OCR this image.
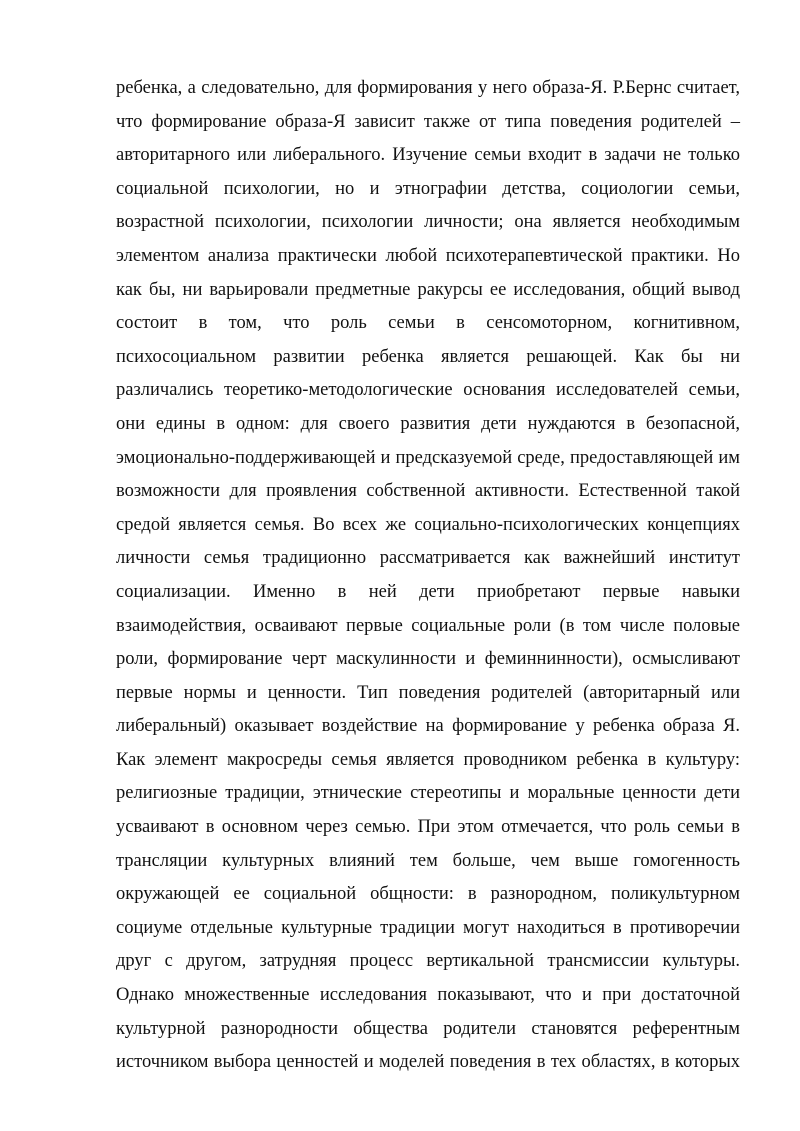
ребенка, а следовательно, для формирования у него образа-Я. Р.Бернс считает,
что формирование образа-Я зависит также от типа поведения родителей –
авторитарного или либерального. Изучение семьи входит в задачи не только
социальной психологии, но и этнографии детства, социологии семьи,
возрастной психологии, психологии личности; она является необходимым
элементом анализа практически любой психотерапевтической практики. Но
как бы, ни варьировали предметные ракурсы ее исследования, общий вывод
состоит в том, что роль семьи в сенсомоторном, когнитивном,
психосоциальном развитии ребенка является решающей. Как бы ни
различались теоретико-методологические основания исследователей семьи,
они едины в одном: для своего развития дети нуждаются в безопасной,
эмоционально-поддерживающей и предсказуемой среде, предоставляющей им
возможности для проявления собственной активности. Естественной такой
средой является семья. Во всех же социально-психологических концепциях
личности семья традиционно рассматривается как важнейший институт
социализации. Именно в ней дети приобретают первые навыки
взаимодействия, осваивают первые социальные роли (в том числе половые
роли, формирование черт маскулинности и феминнинности), осмысливают
первые нормы и ценности. Тип поведения родителей (авторитарный или
либеральный) оказывает воздействие на формирование у ребенка образа Я.
Как элемент макросреды семья является проводником ребенка в культуру:
религиозные традиции, этнические стереотипы и моральные ценности дети
усваивают в основном через семью. При этом отмечается, что роль семьи в
трансляции культурных влияний тем больше, чем выше гомогенность
окружающей ее социальной общности: в разнородном, поликультурном
социуме отдельные культурные традиции могут находиться в противоречии
друг с другом, затрудняя процесс вертикальной трансмиссии культуры.
Однако множественные исследования показывают, что и при достаточной
культурной разнородности общества родители становятся референтным
источником выбора ценностей и моделей поведения в тех областях, в которых
